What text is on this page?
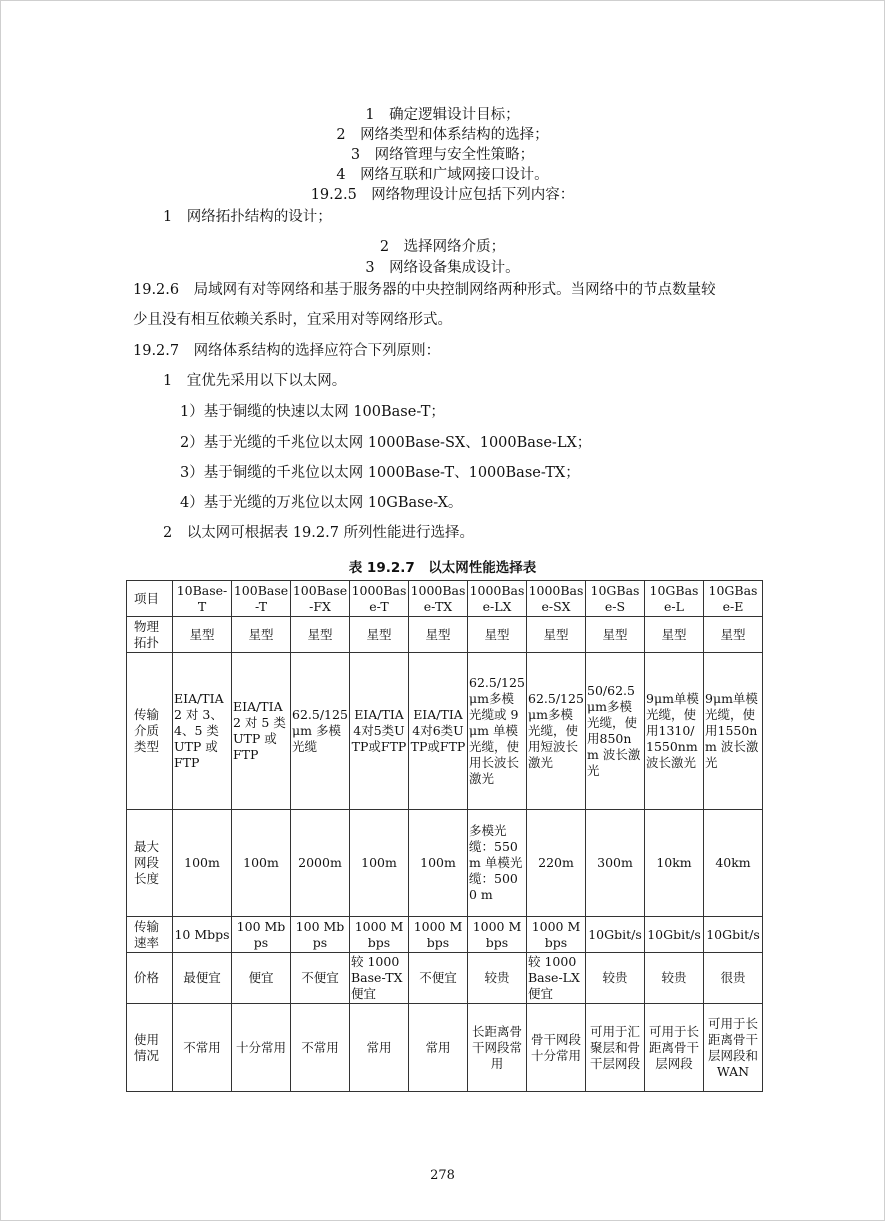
1　确定逻辑设计目标；
2　网络类型和体系结构的选择；
3　网络管理与安全性策略；
4　网络互联和广域网接口设计。
19.2.5　网络物理设计应包括下列内容：
1　网络拓扑结构的设计；
2　选择网络介质；
3　网络设备集成设计。
19.2.6　局域网有对等网络和基于服务器的中央控制网络两种形式。当网络中的节点数量较
少且没有相互依赖关系时，宜采用对等网络形式。
19.2.7　网络体系结构的选择应符合下列原则：
1　宜优先采用以下以太网。
1）基于铜缆的快速以太网 100Base-T；
2）基于光缆的千兆位以太网 1000Base-SX、1000Base-LX；
3）基于铜缆的千兆位以太网 1000Base-T、1000Base-TX；
4）基于光缆的万兆位以太网 10GBase-X。
2　以太网可根据表 19.2.7 所列性能进行选择。
表 19.2.7　以太网性能选择表
项目	10Base-T	100Base-T	100Base-FX	1000Base-T	1000Base-TX	1000Base-LX	1000Base-SX	10GBase-S	10GBase-L	10GBase-E
物理拓扑	星型	星型	星型	星型	星型	星型	星型	星型	星型	星型
传输介质类型	EIA/TIA2 对 3、4、5 类 UTP 或 FTP	EIA/TIA 2 对 5 类 UTP 或 FTP	62.5/125μm 多模光缆	EIA/TIA 4对5类UTP或FTP	EIA/TIA 4对6类UTP或FTP	62.5/125μm多模光缆或 9μm 单模光缆，使用长波长激光	62.5/125μm多模光缆，使用短波长激光	50/62.5μm多模光缆，使用850nm 波长激光	9μm单模光缆，使用1310/1550nm 波长激光	9μm单模光缆，使用1550nm 波长激光
最大网段长度	100m	100m	2000m	100m	100m	多模光缆：550m 单模光缆：5000 m	220m	300m	10km	40km
传输速率	10 Mbps	100 Mbps	100 Mbps	1000 Mbps	1000 Mbps	1000 Mbps	1000 Mbps	10Gbit/s	10Gbit/s	10Gbit/s
价格	最便宜	便宜	不便宜	较 1000Base-TX 便宜	不便宜	较贵	较 1000Base-LX 便宜	较贵	较贵	很贵
使用情况	不常用	十分常用	不常用	常用	常用	长距离骨干网段常用	骨干网段十分常用	可用于汇聚层和骨干层网段	可用于长距离骨干层网段	可用于长距离骨干层网段和WAN
278
